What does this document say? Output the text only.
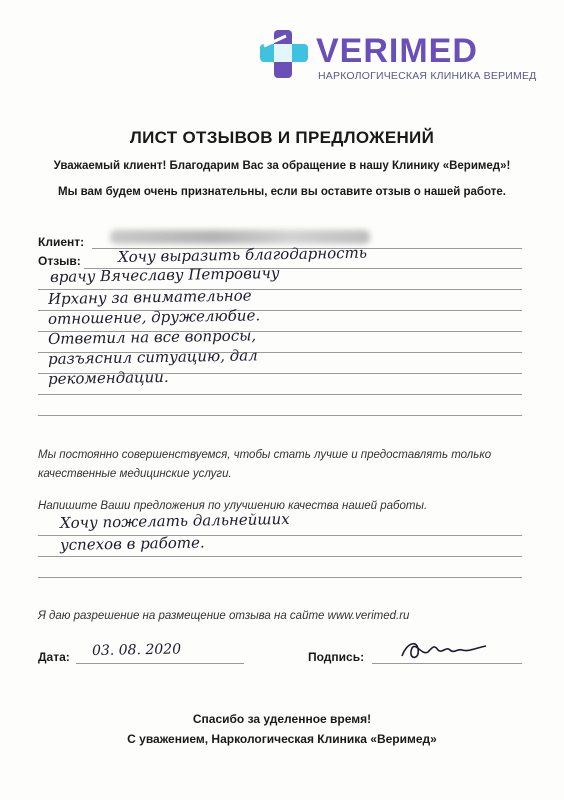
VERIMED
НАРКОЛОГИЧЕСКАЯ КЛИНИКА ВЕРИМЕД
ЛИСТ ОТЗЫВОВ И ПРЕДЛОЖЕНИЙ
Уважаемый клиент! Благодарим Вас за обращение в нашу Клинику «Веримед»!
Мы вам будем очень признательны, если вы оставите отзыв о нашей работе.
Клиент:
Отзыв: Хочу выразить благодарность
врачу Вячеславу Петровичу
Ирхану за внимательное
отношение, дружелюбие.
Ответил на все вопросы,
разъяснил ситуацию, дал
рекомендации.
Мы постоянно совершенствуемся, чтобы стать лучше и предоставлять только качественные медицинские услуги.
Напишите Ваши предложения по улучшению качества нашей работы.
Хочу пожелать дальнейших
успехов в работе.
Я даю разрешение на размещение отзыва на сайте www.verimed.ru
Дата: 03. 08. 2020	Подпись:
Спасибо за уделенное время!
С уважением, Наркологическая Клиника «Веримед»
